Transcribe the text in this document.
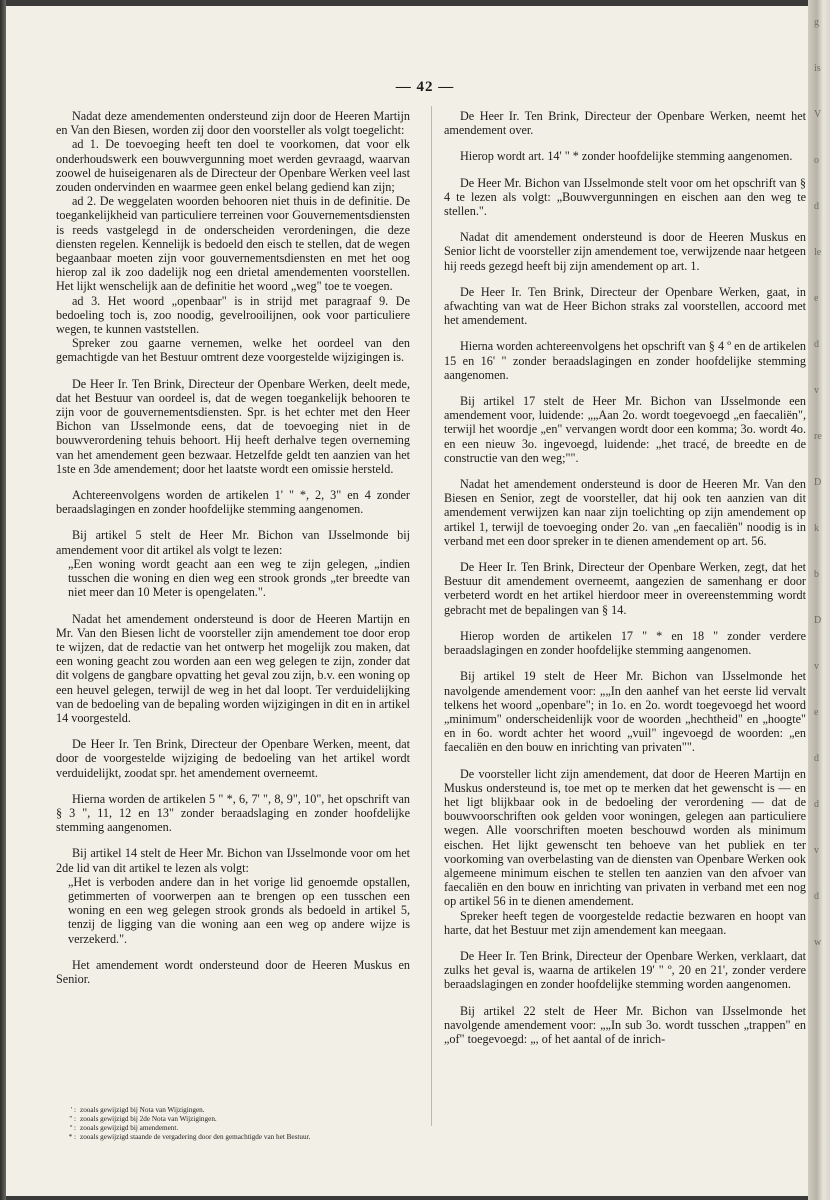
— 42 —

Nadat deze amendementen ondersteund zijn door de Heeren Martijn en Van den Biesen, worden zij door den voorsteller als volgt toegelicht:

ad 1. De toevoeging heeft ten doel te voorkomen, dat voor elk onderhoudswerk een bouwvergunning moet werden gevraagd, waarvan zoowel de huiseigenaren als de Directeur der Openbare Werken veel last zouden ondervinden en waarmee geen enkel belang gediend kan zijn;

ad 2. De weggelaten woorden behooren niet thuis in de definitie. De toegankelijkheid van particuliere terreinen voor Gouvernementsdiensten is reeds vastgelegd in de onderscheiden verordeningen, die deze diensten regelen. Kennelijk is bedoeld den eisch te stellen, dat de wegen begaanbaar moeten zijn voor gouvernementsdiensten en met het oog hierop zal ik zoo dadelijk nog een drietal amendementen voorstellen. Het lijkt wenschelijk aan de definitie het woord „weg" toe te voegen.

ad 3. Het woord „openbaar" is in strijd met paragraaf 9. De bedoeling toch is, zoo noodig, gevelrooilijnen, ook voor particuliere wegen, te kunnen vaststellen.

Spreker zou gaarne vernemen, welke het oordeel van den gemachtigde van het Bestuur omtrent deze voorgestelde wijzigingen is.

De Heer Ir. Ten Brink, Directeur der Openbare Werken, deelt mede, dat het Bestuur van oordeel is, dat de wegen toegankelijk behooren te zijn voor de gouvernementsdiensten. Spr. is het echter met den Heer Bichon van IJsselmonde eens, dat de toevoeging niet in de bouwverordening tehuis behoort. Hij heeft derhalve tegen overneming van het amendement geen bezwaar. Hetzelfde geldt ten aanzien van het 1ste en 3de amendement; door het laatste wordt een omissie hersteld.

Achtereenvolgens worden de artikelen 1' " *, 2, 3" en 4 zonder beraadslagingen en zonder hoofdelijke stemming aangenomen.

Bij artikel 5 stelt de Heer Mr. Bichon van IJsselmonde bij amendement voor dit artikel als volgt te lezen:

„Een woning wordt geacht aan een weg te zijn gelegen, „indien tusschen die woning en dien weg een strook gronds „ter breedte van niet meer dan 10 Meter is opengelaten.".

Nadat het amendement ondersteund is door de Heeren Martijn en Mr. Van den Biesen licht de voorsteller zijn amendement toe door erop te wijzen, dat de redactie van het ontwerp het mogelijk zou maken, dat een woning geacht zou worden aan een weg gelegen te zijn, zonder dat dit volgens de gangbare opvatting het geval zou zijn, b.v. een woning op een heuvel gelegen, terwijl de weg in het dal loopt. Ter verduidelijking van de bedoeling van de bepaling worden wijzigingen in dit en in artikel 14 voorgesteld.

De Heer Ir. Ten Brink, Directeur der Openbare Werken, meent, dat door de voorgestelde wijziging de bedoeling van het artikel wordt verduidelijkt, zoodat spr. het amendement overneemt.

Hierna worden de artikelen 5 " *, 6, 7' ", 8, 9", 10", het opschrift van § 3 ", 11, 12 en 13" zonder beraadslaging en zonder hoofdelijke stemming aangenomen.

Bij artikel 14 stelt de Heer Mr. Bichon van IJsselmonde voor om het 2de lid van dit artikel te lezen als volgt:

„Het is verboden andere dan in het vorige lid genoemde opstallen, getimmerten of voorwerpen aan te brengen op een tusschen een woning en een weg gelegen strook gronds als bedoeld in artikel 5, tenzij de ligging van die woning aan een weg op andere wijze is verzekerd.".

Het amendement wordt ondersteund door de Heeren Muskus en Senior.

De Heer Ir. Ten Brink, Directeur der Openbare Werken, neemt het amendement over.

Hierop wordt art. 14' " * zonder hoofdelijke stemming aangenomen.

De Heer Mr. Bichon van IJsselmonde stelt voor om het opschrift van § 4 te lezen als volgt: „Bouwvergunningen en eischen aan den weg te stellen.".

Nadat dit amendement ondersteund is door de Heeren Muskus en Senior licht de voorsteller zijn amendement toe, verwijzende naar hetgeen hij reeds gezegd heeft bij zijn amendement op art. 1.

De Heer Ir. Ten Brink, Directeur der Openbare Werken, gaat, in afwachting van wat de Heer Bichon straks zal voorstellen, accoord met het amendement.

Hierna worden achtereenvolgens het opschrift van § 4 º en de artikelen 15 en 16' " zonder beraadslagingen en zonder hoofdelijke stemming aangenomen.

Bij artikel 17 stelt de Heer Mr. Bichon van IJsselmonde een amendement voor, luidende: „„Aan 2o. wordt toegevoegd „en faecaliën", terwijl het woordje „en" vervangen wordt door een komma; 3o. wordt 4o. en een nieuw 3o. ingevoegd, luidende: „het tracé, de breedte en de constructie van den weg;"".

Nadat het amendement ondersteund is door de Heeren Mr. Van den Biesen en Senior, zegt de voorsteller, dat hij ook ten aanzien van dit amendement verwijzen kan naar zijn toelichting op zijn amendement op artikel 1, terwijl de toevoeging onder 2o. van „en faecaliën" noodig is in verband met een door spreker in te dienen amendement op art. 56.

De Heer Ir. Ten Brink, Directeur der Openbare Werken, zegt, dat het Bestuur dit amendement overneemt, aangezien de samenhang er door verbeterd wordt en het artikel hierdoor meer in overeenstemming wordt gebracht met de bepalingen van § 14.

Hierop worden de artikelen 17 " * en 18 " zonder verdere beraadslagingen en zonder hoofdelijke stemming aangenomen.

Bij artikel 19 stelt de Heer Mr. Bichon van IJsselmonde het navolgende amendement voor: „„In den aanhef van het eerste lid vervalt telkens het woord „openbare"; in 1o. en 2o. wordt toegevoegd het woord „minimum" onderscheidenlijk voor de woorden „hechtheid" en „hoogte" en in 6o. wordt achter het woord „vuil" ingevoegd de woorden: „en faecaliën en den bouw en inrichting van privaten"".

De voorsteller licht zijn amendement, dat door de Heeren Martijn en Muskus ondersteund is, toe met op te merken dat het gewenscht is — en het ligt blijkbaar ook in de bedoeling der verordening — dat de bouwvoorschriften ook gelden voor woningen, gelegen aan particuliere wegen. Alle voorschriften moeten beschouwd worden als minimum eischen. Het lijkt gewenscht ten behoeve van het publiek en ter voorkoming van overbelasting van de diensten van Openbare Werken ook algemeene minimum eischen te stellen ten aanzien van den afvoer van faecaliën en den bouw en inrichting van privaten in verband met een nog op artikel 56 in te dienen amendement.

Spreker heeft tegen de voorgestelde redactie bezwaren en hoopt van harte, dat het Bestuur met zijn amendement kan meegaan.

De Heer Ir. Ten Brink, Directeur der Openbare Werken, verklaart, dat zulks het geval is, waarna de artikelen 19' " º, 20 en 21', zonder verdere beraadslagingen en zonder hoofdelijke stemming worden aangenomen.

Bij artikel 22 stelt de Heer Mr. Bichon van IJsselmonde het navolgende amendement voor: „„In sub 3o. wordt tusschen „trappen" en „of" toegevoegd: „, of het aantal of de inrich-

' : zooals gewijzigd bij Nota van Wijzigingen.
" : zooals gewijzigd bij 2de Nota van Wijzigingen.
º : zooals gewijzigd bij amendement.
* : zooals gewijzigd staande de vergadering door den gemachtigde van het Bestuur.
g
is
V
o
d
le
e
d
v
re
D
k
b
D
v
e
d
d
v
d
w
